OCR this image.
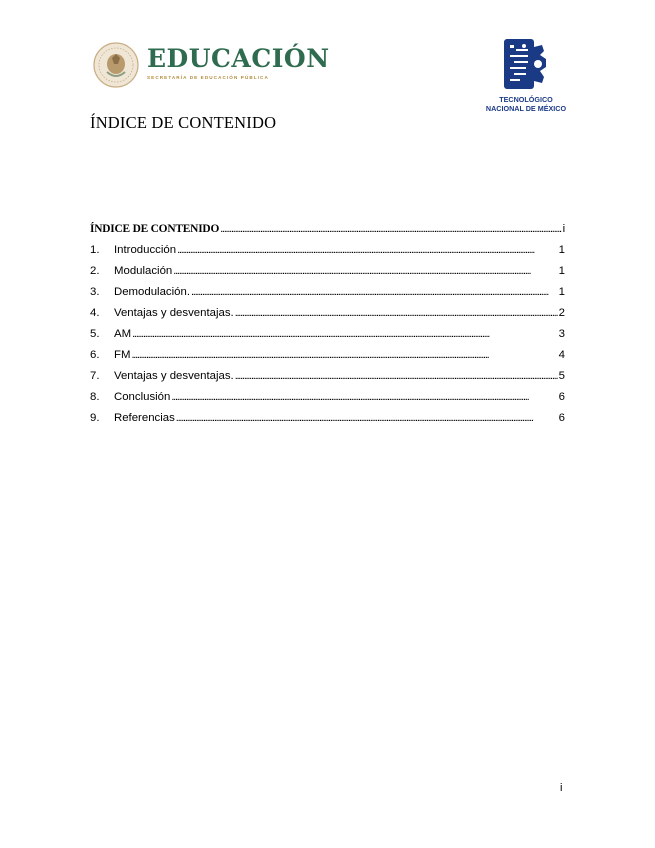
EDUCACIÓN
SECRETARÍA DE EDUCACIÓN PÚBLICA
TECNOLÓGICO
NACIONAL DE MÉXICO
ÍNDICE DE CONTENIDO
ÍNDICE DE CONTENIDO . . .	i
1.	Introducción . . .	1
2.	Modulación . . .	1
3.	Demodulación. . . .	1
4.	Ventajas y desventajas. . . .	2
5.	AM . . .	3
6.	FM . . .	4
7.	Ventajas y desventajas. . . .	5
8.	Conclusión . . .	6
9.	Referencias . . .	6
i
